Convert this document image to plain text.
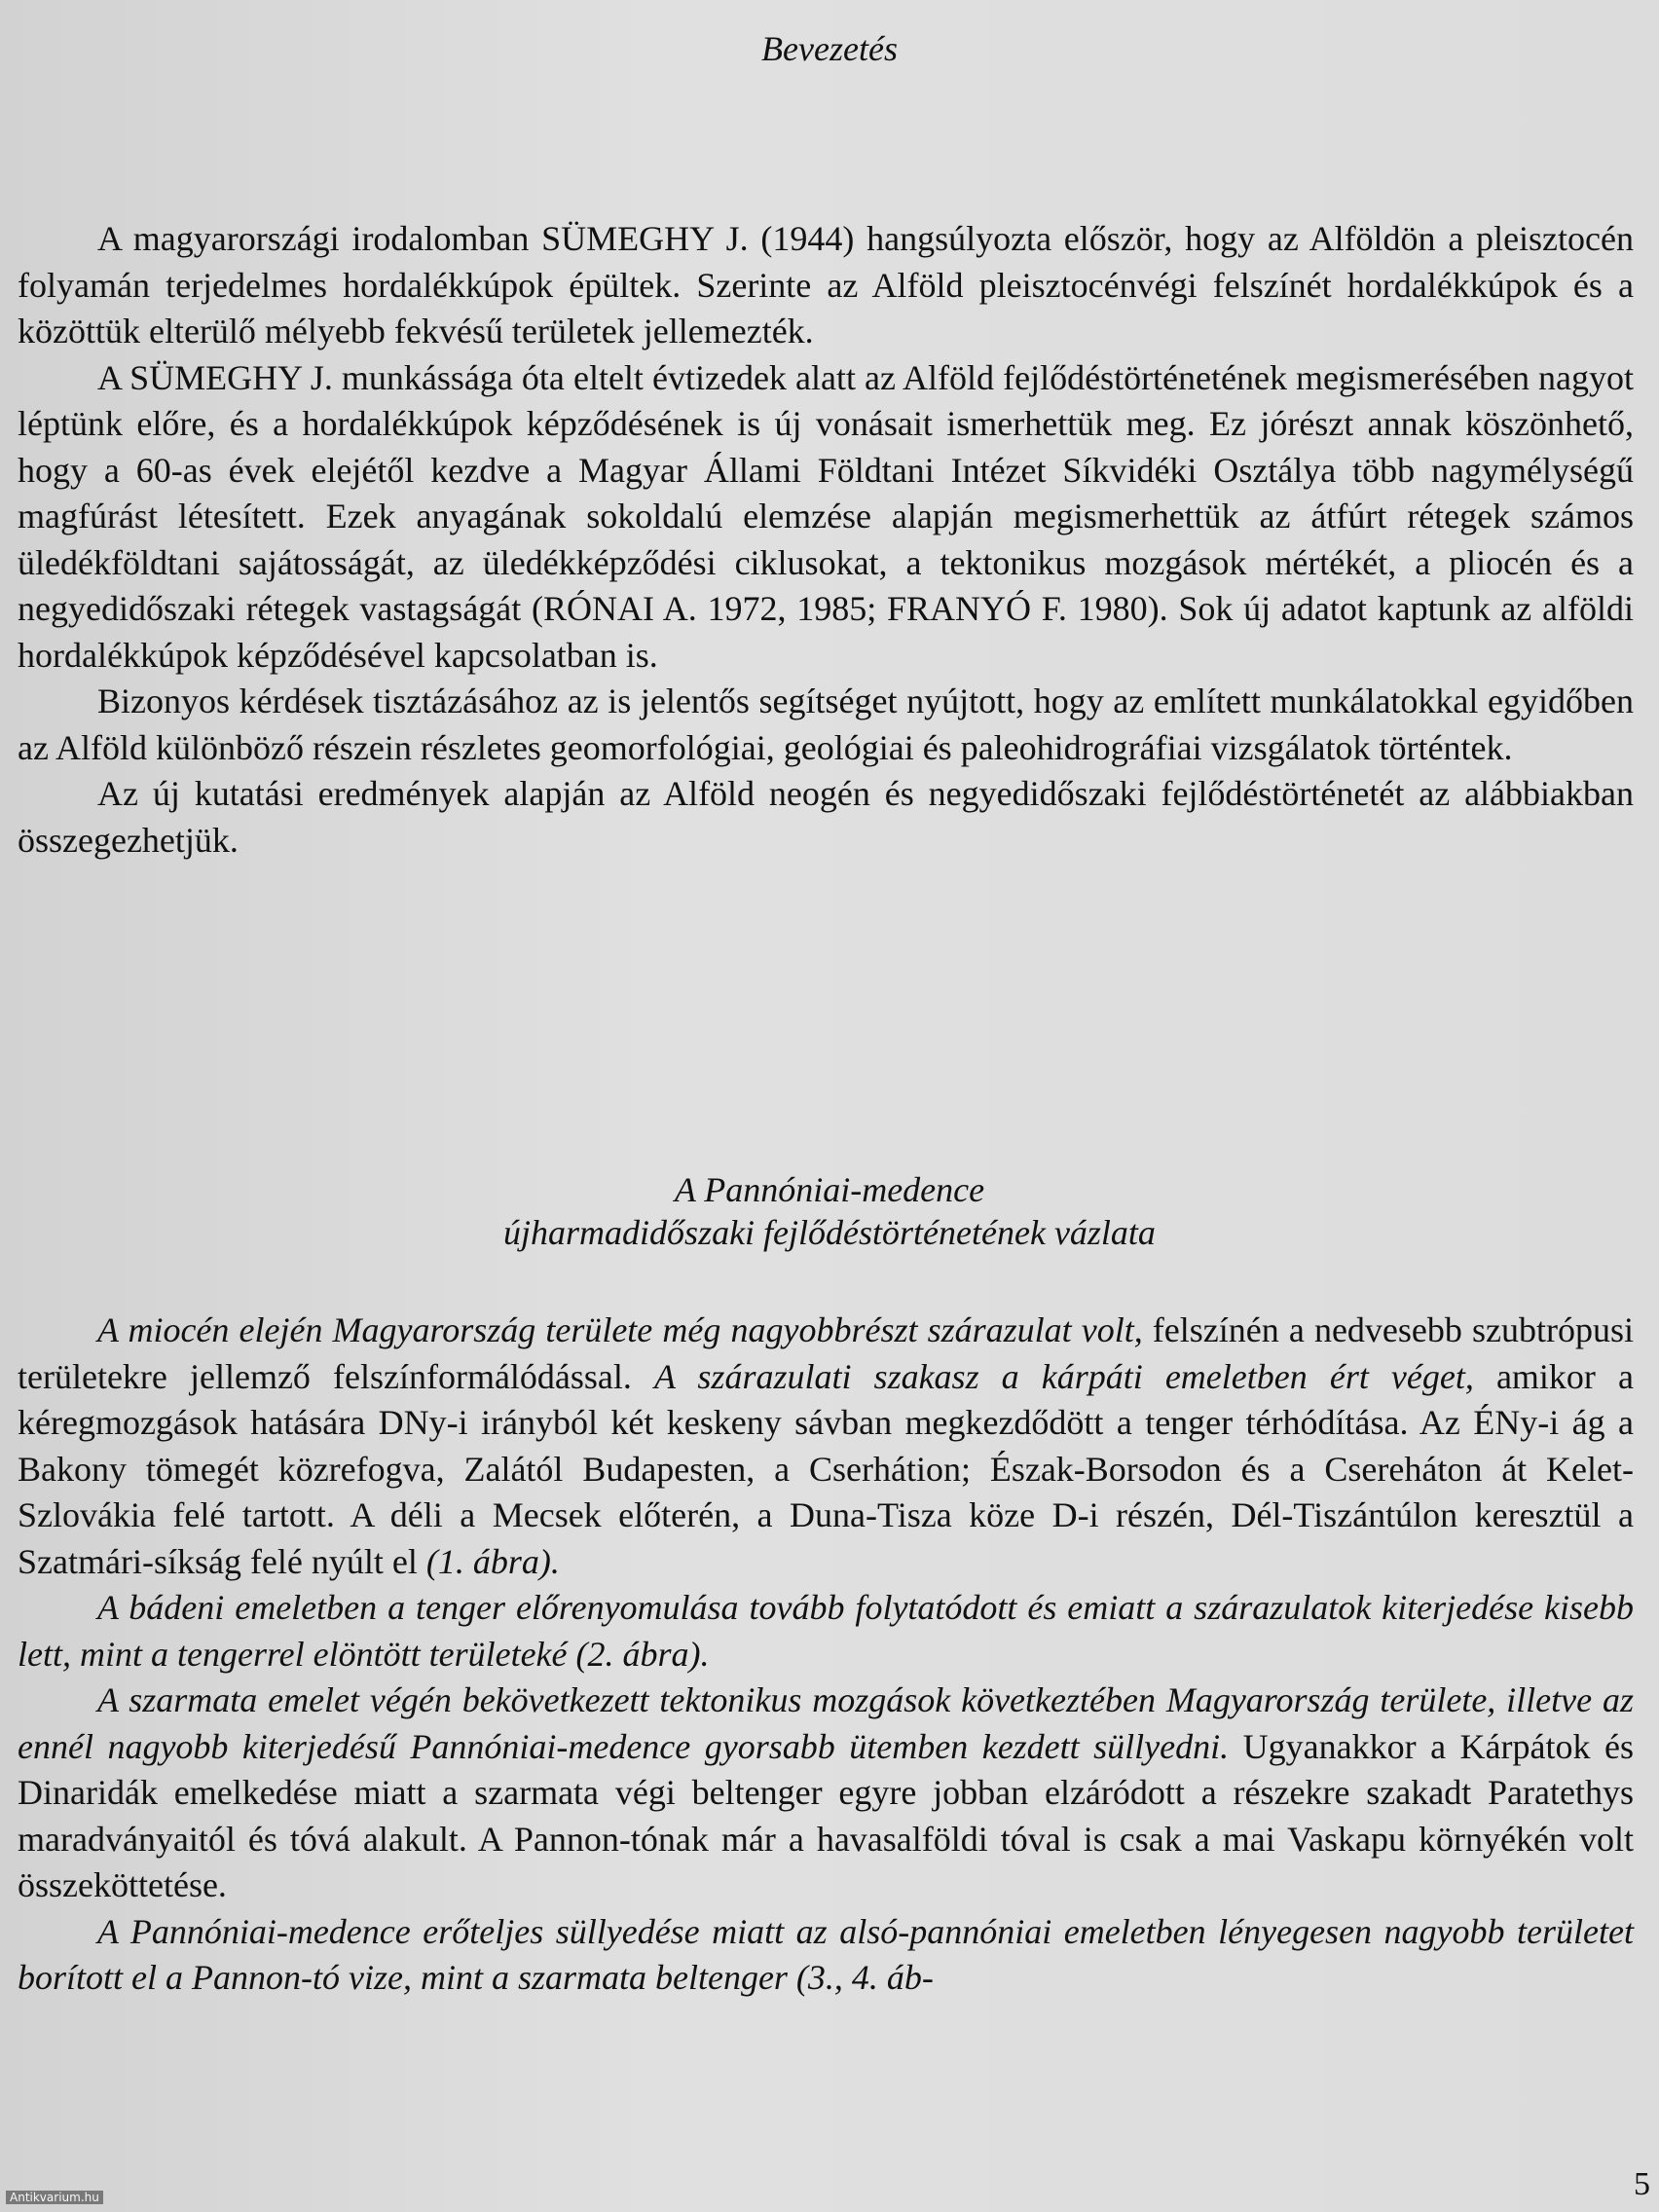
Bevezetés

A magyarországi irodalomban SÜMEGHY J. (1944) hangsúlyozta először, hogy az Alföldön a pleisztocén folyamán terjedelmes hordalékkúpok épültek. Szerinte az Alföld pleisztocénvégi felszínét hordalékkúpok és a közöttük elterülő mélyebb fekvésű területek jellemezték.

A SÜMEGHY J. munkássága óta eltelt évtizedek alatt az Alföld fejlődéstörténetének megismerésében nagyot léptünk előre, és a hordalékkúpok képződésének is új vonásait ismerhettük meg. Ez jórészt annak köszönhető, hogy a 60-as évek elejétől kezdve a Magyar Állami Földtani Intézet Síkvidéki Osztálya több nagymélységű magfúrást létesített. Ezek anyagának sokoldalú elemzése alapján megismerhettük az átfúrt rétegek számos üledékföldtani sajátosságát, az üledékképződési ciklusokat, a tektonikus mozgások mértékét, a pliocén és a negyedidőszaki rétegek vastagságát (RÓNAI A. 1972, 1985; FRANYÓ F. 1980). Sok új adatot kaptunk az alföldi hordalékkúpok képződésével kapcsolatban is.

Bizonyos kérdések tisztázásához az is jelentős segítséget nyújtott, hogy az említett munkálatokkal egyidőben az Alföld különböző részein részletes geomorfológiai, geológiai és paleohidrográfiai vizsgálatok történtek.

Az új kutatási eredmények alapján az Alföld neogén és negyedidőszaki fejlődéstörténetét az alábbiakban összegezhetjük.

A Pannóniai-medence
újharmadidőszaki fejlődéstörténetének vázlata

A miocén elején Magyarország területe még nagyobbrészt szárazulat volt, felszínén a nedvesebb szubtrópusi területekre jellemző felszínformálódással. A szárazulati szakasz a kárpáti emeletben ért véget, amikor a kéregmozgások hatására DNy-i irányból két keskeny sávban megkezdődött a tenger térhódítása. Az ÉNy-i ág a Bakony tömegét közrefogva, Zalától Budapesten, a Cserhátion; Észak-Borsodon és a Csereháton át Kelet-Szlovákia felé tartott. A déli a Mecsek előterén, a Duna-Tisza köze D-i részén, Dél-Tiszántúlon keresztül a Szatmári-síkság felé nyúlt el (1. ábra).

A bádeni emeletben a tenger előrenyomulása tovább folytatódott és emiatt a szárazulatok kiterjedése kisebb lett, mint a tengerrel elöntött területeké (2. ábra).

A szarmata emelet végén bekövetkezett tektonikus mozgások következtében Magyarország területe, illetve az ennél nagyobb kiterjedésű Pannóniai-medence gyorsabb ütemben kezdett süllyedni. Ugyanakkor a Kárpátok és Dinaridák emelkedése miatt a szarmata végi beltenger egyre jobban elzáródott a részekre szakadt Paratethys maradványaitól és tóvá alakult. A Pannon-tónak már a havasalföldi tóval is csak a mai Vaskapu környékén volt összeköttetése.

A Pannóniai-medence erőteljes süllyedése miatt az alsó-pannóniai emeletben lényegesen nagyobb területet borított el a Pannon-tó vize, mint a szarmata beltenger (3., 4. áb-

5
Antikvarium.hu
